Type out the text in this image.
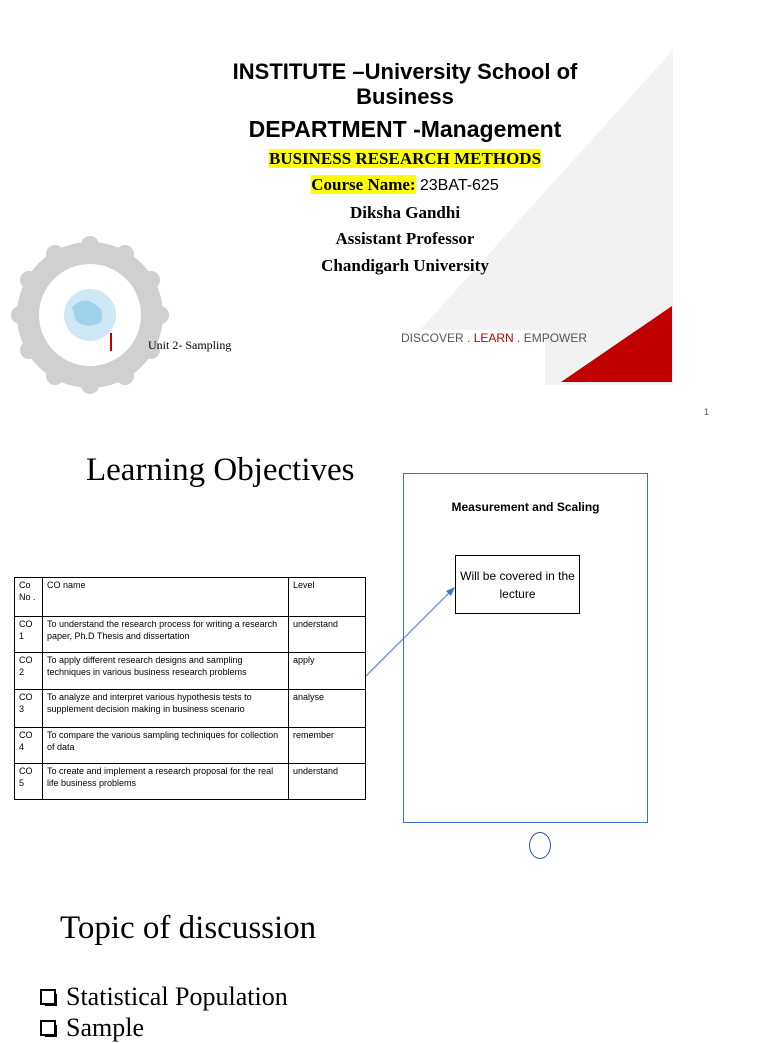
INSTITUTE –University School of
Business
DEPARTMENT -Management
BUSINESS RESEARCH METHODS
Course Name: 23BAT-625
Diksha Gandhi
Assistant Professor
Chandigarh University
Unit 2- Sampling	DISCOVER . LEARN . EMPOWER
1
Learning Objectives
Co No .	CO name	Level
CO 1	To understand the research process for writing a research paper, Ph.D Thesis and dissertation	understand
CO 2	To apply different research designs and sampling techniques in various business research problems	apply
CO 3	To analyze and interpret various hypothesis tests to supplement decision making in business scenario	analyse
CO 4	To compare the various sampling techniques for collection of data	remember
CO 5	To create and implement a research proposal for the real life business problems	understand
Measurement and Scaling
Will be covered in the lecture
Topic of discussion
Statistical Population
Sample
